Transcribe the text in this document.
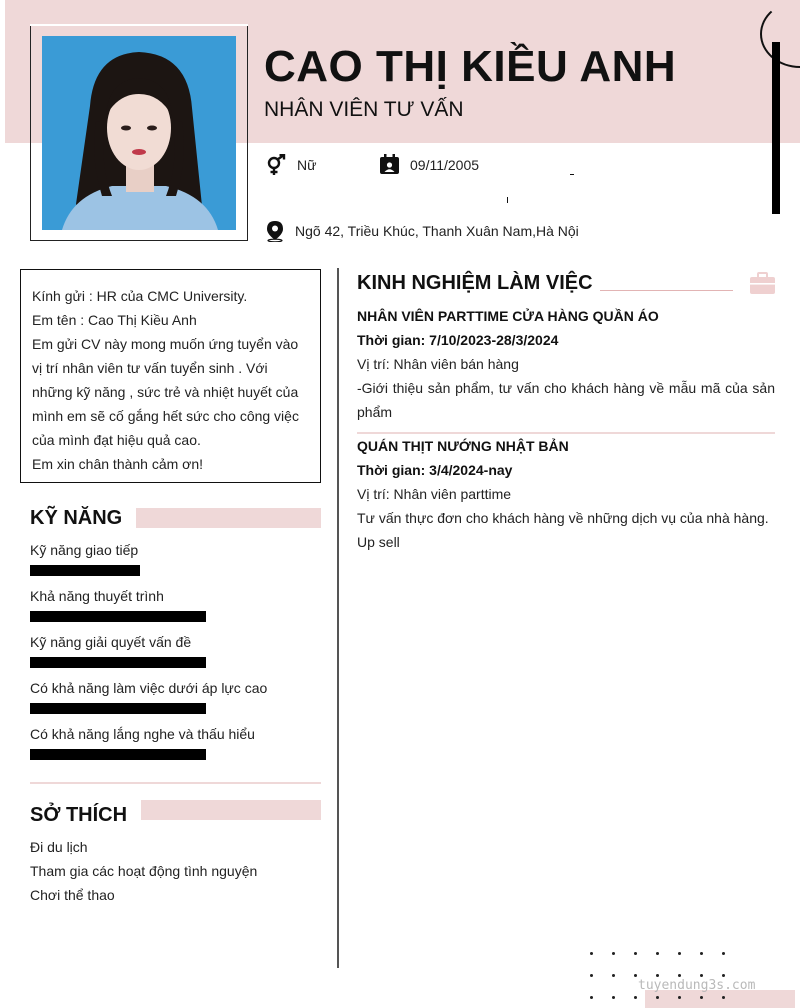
CAO THỊ KIỀU ANH
NHÂN VIÊN TƯ VẤN
Nữ	09/11/2005
Ngõ 42, Triều Khúc, Thanh Xuân Nam,Hà Nội

Kính gửi : HR của CMC University.

Em tên : Cao Thị Kiều Anh

Em gửi CV này mong muốn ứng tuyển vào vị trí nhân viên tư vấn tuyển sinh . Với những kỹ năng , sức trẻ và nhiệt huyết của mình em sẽ cố gắng hết sức cho công việc của mình đạt hiệu quả cao.

Em xin chân thành cảm ơn!

KỸ NĂNG
Kỹ năng giao tiếp
Khả năng thuyết trình
Kỹ năng giải quyết vấn đề
Có khả năng làm việc dưới áp lực cao
Có khả năng lắng nghe và thấu hiểu
SỞ THÍCH
Đi du lịch
Tham gia các hoạt động tình nguyện
Chơi thể thao
KINH NGHIỆM LÀM VIỆC
NHÂN VIÊN PARTTIME CỬA HÀNG QUẦN ÁO
Thời gian: 7/10/2023-28/3/2024
Vị trí: Nhân viên bán hàng
-Giới thiệu sản phẩm, tư vấn cho khách hàng về mẫu mã của sản phẩm
QUÁN THỊT NƯỚNG NHẬT BẢN
Thời gian: 3/4/2024-nay
Vị trí: Nhân viên parttime
Tư vấn thực đơn cho khách hàng về những dịch vụ của nhà hàng. Up sell
tuyendung3s.com
